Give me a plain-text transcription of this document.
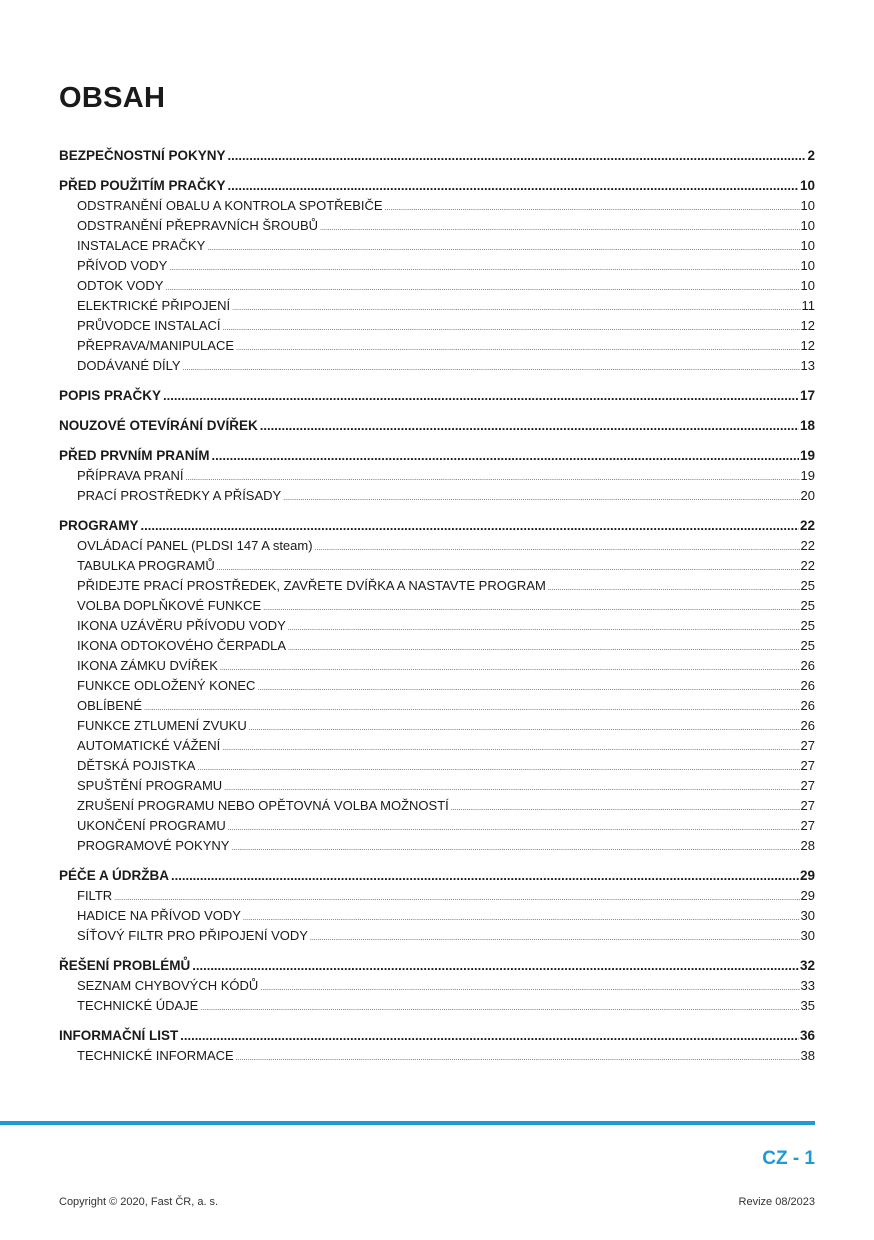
OBSAH
BEZPEČNOSTNÍ POKYNY .....	2
PŘED POUŽITÍM PRAČKY .....	10
ODSTRANĚNÍ OBALU A KONTROLA SPOTŘEBIČE .....	10
ODSTRANĚNÍ PŘEPRAVNÍCH ŠROUBŮ .....	10
INSTALACE PRAČKY .....	10
PŘÍVOD VODY .....	10
ODTOK VODY .....	10
ELEKTRICKÉ PŘIPOJENÍ .....	11
PRŮVODCE INSTALACÍ .....	12
PŘEPRAVA/MANIPULACE .....	12
DODÁVANÉ DÍLY .....	13
POPIS PRAČKY .....	17
NOUZOVÉ OTEVÍRÁNÍ DVÍŘEK .....	18
PŘED PRVNÍM PRANÍM .....	19
PŘÍPRAVA PRANÍ .....	19
PRACÍ PROSTŘEDKY A PŘÍSADY .....	20
PROGRAMY .....	22
OVLÁDACÍ PANEL (PLDSI 147 A steam) .....	22
TABULKA PROGRAMŮ .....	22
PŘIDEJTE PRACÍ PROSTŘEDEK, ZAVŘETE DVÍŘKA A NASTAVTE PROGRAM .....	25
VOLBA DOPLŇKOVÉ FUNKCE .....	25
IKONA UZÁVĚRU PŘÍVODU VODY .....	25
IKONA ODTOKOVÉHO ČERPADLA .....	25
IKONA ZÁMKU DVÍŘEK .....	26
FUNKCE ODLOŽENÝ KONEC .....	26
OBLÍBENÉ .....	26
FUNKCE ZTLUMENÍ ZVUKU .....	26
AUTOMATICKÉ VÁŽENÍ .....	27
DĚTSKÁ POJISTKA .....	27
SPUŠTĚNÍ PROGRAMU .....	27
ZRUŠENÍ PROGRAMU NEBO OPĚTOVNÁ VOLBA MOŽNOSTÍ .....	27
UKONČENÍ PROGRAMU .....	27
PROGRAMOVÉ POKYNY .....	28
PÉČE A ÚDRŽBA .....	29
FILTR .....	29
HADICE NA PŘÍVOD VODY .....	30
SÍŤOVÝ FILTR PRO PŘIPOJENÍ VODY .....	30
ŘEŠENÍ PROBLÉMŮ .....	32
SEZNAM CHYBOVÝCH KÓDŮ .....	33
TECHNICKÉ ÚDAJE .....	35
INFORMAČNÍ LIST .....	36
TECHNICKÉ INFORMACE .....	38
CZ - 1
Copyright © 2020, Fast ČR, a. s.	Revize 08/2023
